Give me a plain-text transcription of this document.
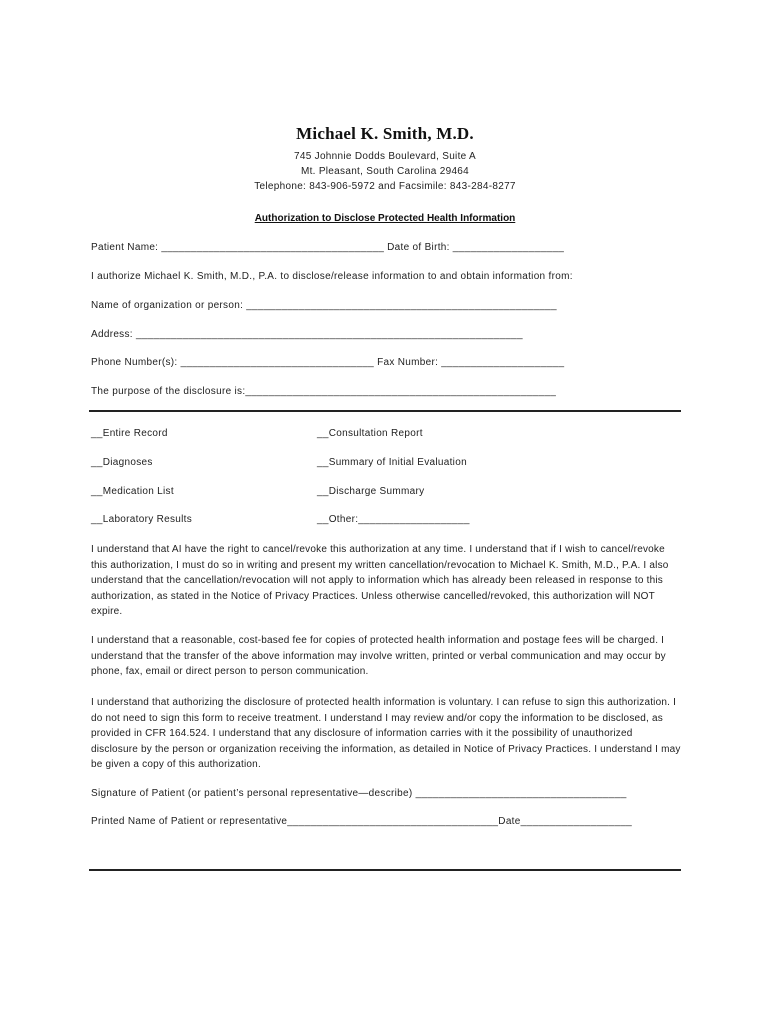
Michael K. Smith, M.D.
745 Johnnie Dodds Boulevard, Suite A
Mt. Pleasant, South Carolina 29464
Telephone: 843-906-5972 and Facsimile: 843-284-8277
Authorization to Disclose Protected Health Information
Patient Name: ______________________________________ Date of Birth: ___________________
I authorize Michael K. Smith, M.D., P.A. to disclose/release information to and obtain information from:
Name of organization or person: _____________________________________________________
Address: __________________________________________________________________
Phone Number(s): _________________________________ Fax Number: _____________________
The purpose of the disclosure is:_____________________________________________________
__Entire Record	__Consultation Report
__Diagnoses	__Summary of Initial Evaluation
__Medication List	__Discharge Summary
__Laboratory Results	__Other:___________________
I understand that AI have the right to cancel/revoke this authorization at any time. I understand that if I wish to cancel/revoke this authorization, I must do so in writing and present my written cancellation/revocation to Michael K. Smith, M.D., P.A. I also understand that the cancellation/revocation will not apply to information which has already been released in response to this authorization, as stated in the Notice of Privacy Practices. Unless otherwise cancelled/revoked, this authorization will NOT expire.
I understand that a reasonable, cost-based fee for copies of protected health information and postage fees will be charged. I understand that the transfer of the above information may involve written, printed or verbal communication and may occur by phone, fax, email or direct person to person communication.
I understand that authorizing the disclosure of protected health information is voluntary. I can refuse to sign this authorization. I do not need to sign this form to receive treatment. I understand I may review and/or copy the information to be disclosed, as provided in CFR 164.524. I understand that any disclosure of information carries with it the possibility of unauthorized disclosure by the person or organization receiving the information, as detailed in Notice of Privacy Practices. I understand I may be given a copy of this authorization.
Signature of Patient (or patient’s personal representative—describe) ____________________________________
Printed Name of Patient or representative____________________________________Date___________________
